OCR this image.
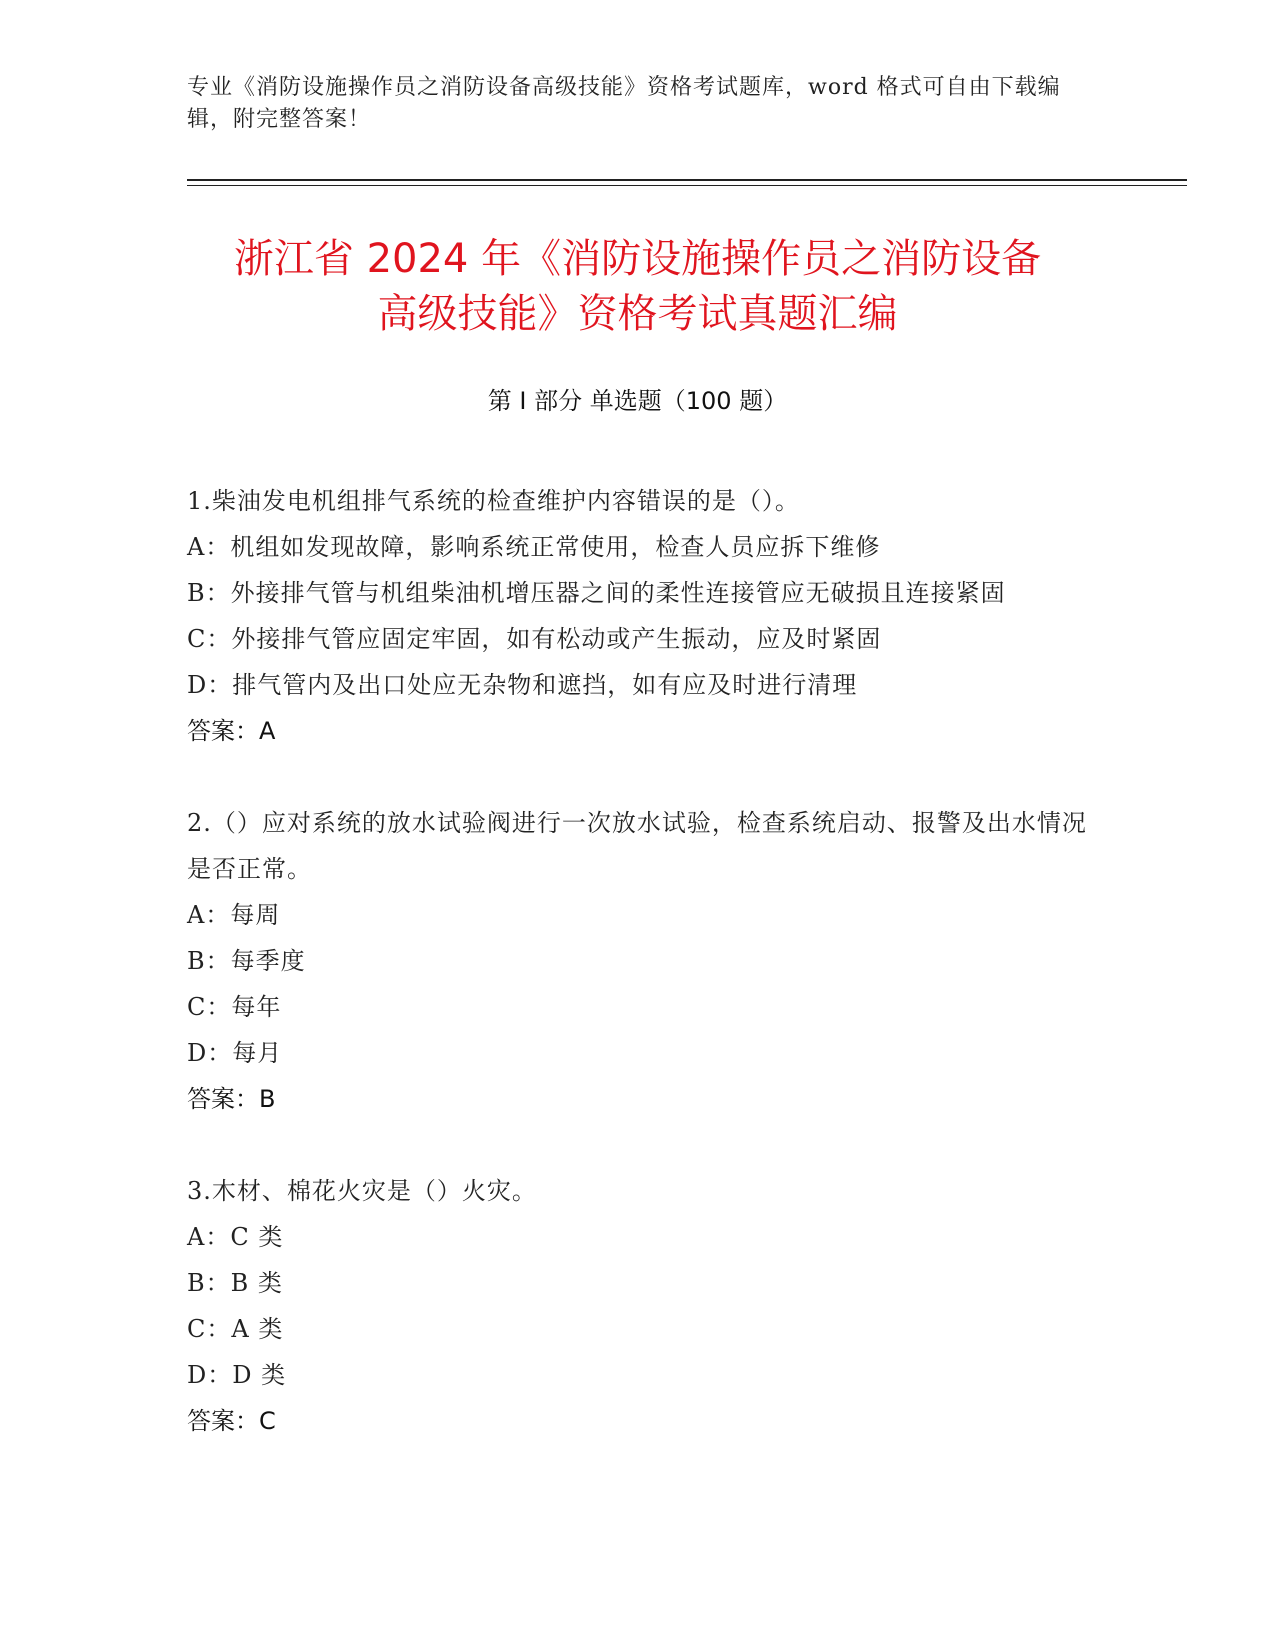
专业《消防设施操作员之消防设备高级技能》资格考试题库，word 格式可自由下载编辑，附完整答案！
浙江省 2024 年《消防设施操作员之消防设备
高级技能》资格考试真题汇编
第 I 部分 单选题（100 题）
1.柴油发电机组排气系统的检查维护内容错误的是（）。
A：机组如发现故障，影响系统正常使用，检查人员应拆下维修
B：外接排气管与机组柴油机增压器之间的柔性连接管应无破损且连接紧固
C：外接排气管应固定牢固，如有松动或产生振动，应及时紧固
D：排气管内及出口处应无杂物和遮挡，如有应及时进行清理
答案：A
2.（）应对系统的放水试验阀进行一次放水试验，检查系统启动、报警及出水情况是否正常。
A：每周
B：每季度
C：每年
D：每月
答案：B
3.木材、棉花火灾是（）火灾。
A：C 类
B：B 类
C：A 类
D：D 类
答案：C
